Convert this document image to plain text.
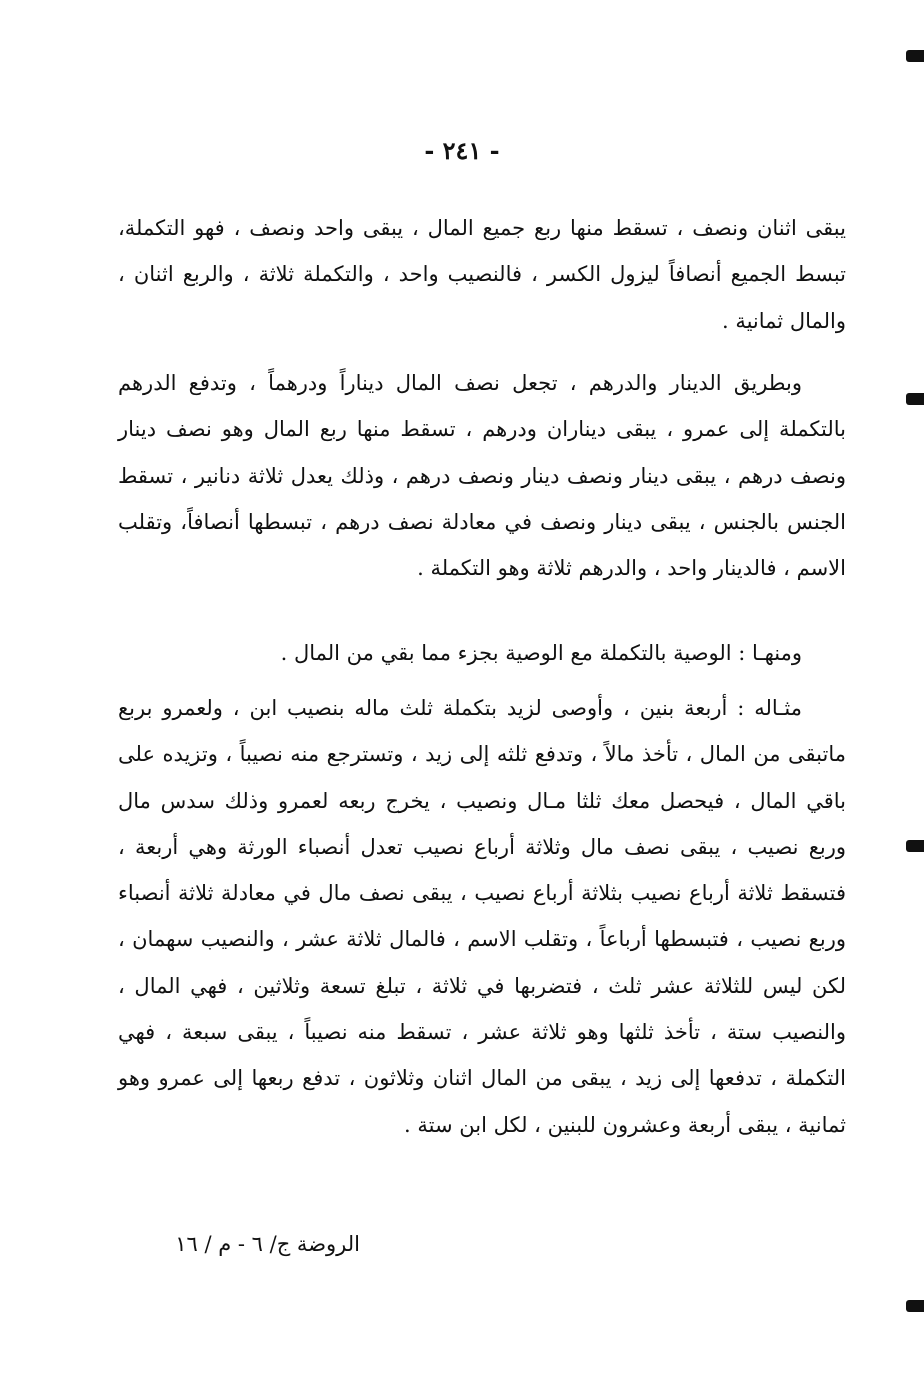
- ٢٤١ -

يبقى اثنان ونصف ، تسقط منها ربع جميع المال ، يبقى واحد ونصف ، فهو التكملة، تبسط الجميع أنصافاً ليزول الكسر ، فالنصيب واحد ، والتكملة ثلاثة ، والربع اثنان ، والمال ثمانية .

وبطريق الدينار والدرهم ، تجعل نصف المال ديناراً ودرهماً ، وتدفع الدرهم بالتكملة إلى عمرو ، يبقى ديناران ودرهم ، تسقط منها ربع المال وهو نصف دينار ونصف درهم ، يبقى دينار ونصف دينار ونصف درهم ، وذلك يعدل ثلاثة دنانير ، تسقط الجنس بالجنس ، يبقى دينار ونصف في معادلة نصف درهم ، تبسطها أنصافاً، وتقلب الاسم ، فالدينار واحد ، والدرهم ثلاثة وهو التكملة .

ومنهـا : الوصية بالتكملة مع الوصية بجزء مما بقي من المال .

مثـاله : أربعة بنين ، وأوصى لزيد بتكملة ثلث ماله بنصيب ابن ، ولعمرو بربع ماتبقى من المال ، تأخذ مالاً ، وتدفع ثلثه إلى زيد ، وتسترجع منه نصيباً ، وتزيده على باقي المال ، فيحصل معك ثلثا مـال ونصيب ، يخرج ربعه لعمرو وذلك سدس مال وربع نصيب ، يبقى نصف مال وثلاثة أرباع نصيب تعدل أنصباء الورثة وهي أربعة ، فتسقط ثلاثة أرباع نصيب بثلاثة أرباع نصيب ، يبقى نصف مال في معادلة ثلاثة أنصباء وربع نصيب ، فتبسطها أرباعاً ، وتقلب الاسم ، فالمال ثلاثة عشر ، والنصيب سهمان ، لكن ليس للثلاثة عشر ثلث ، فتضربها في ثلاثة ، تبلغ تسعة وثلاثين ، فهي المال ، والنصيب ستة ، تأخذ ثلثها وهو ثلاثة عشر ، تسقط منه نصيباً ، يبقى سبعة ، فهي التكملة ، تدفعها إلى زيد ، يبقى من المال اثنان وثلاثون ، تدفع ربعها إلى عمرو وهو ثمانية ، يبقى أربعة وعشرون للبنين ، لكل ابن ستة .

الروضة ج/ ٦ - م / ١٦
